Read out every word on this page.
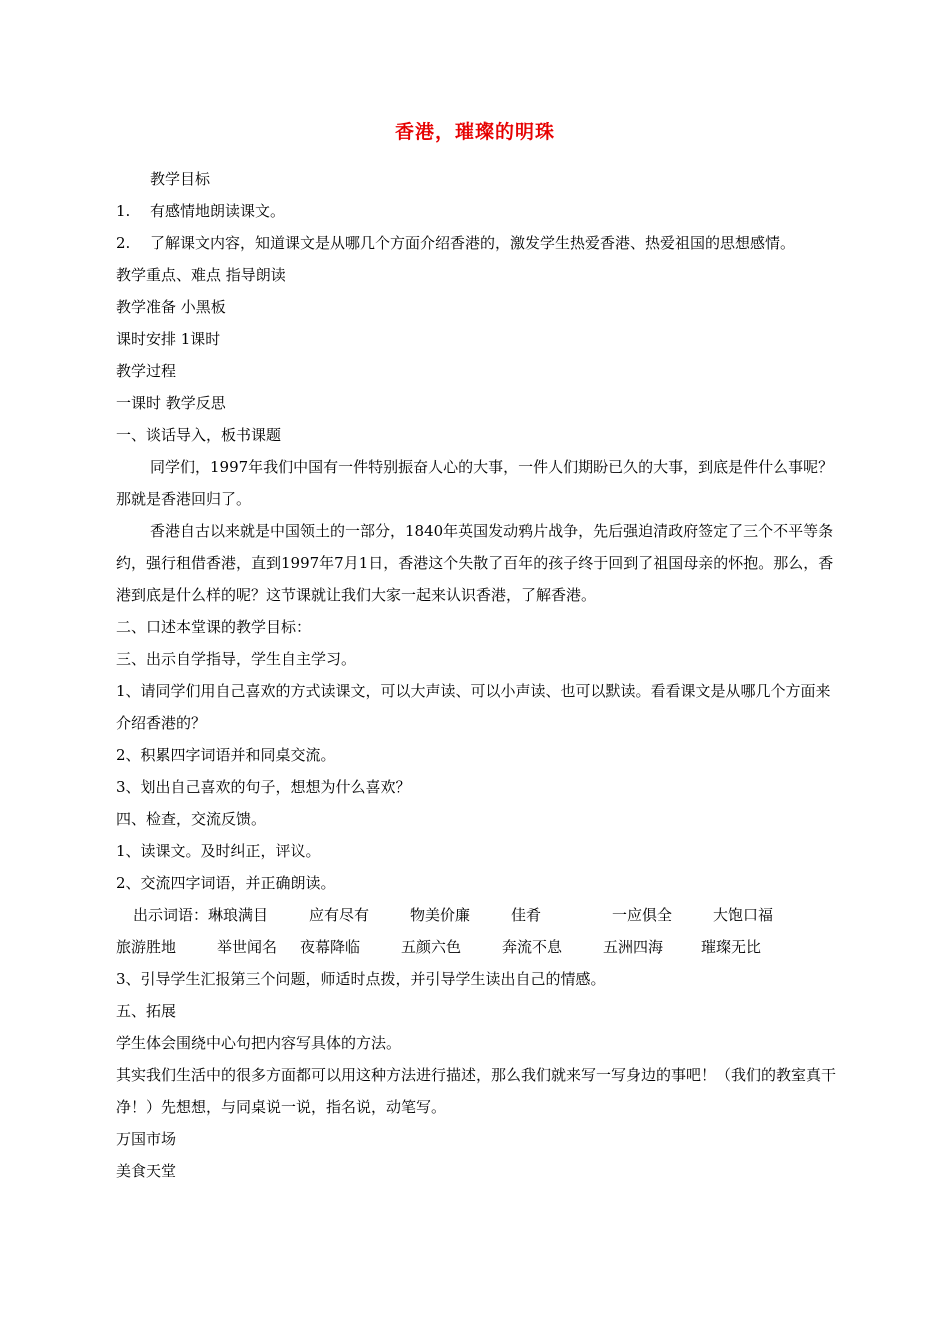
香港，璀璨的明珠

教学目标

1. 有感情地朗读课文。

2. 了解课文内容，知道课文是从哪几个方面介绍香港的，激发学生热爱香港、热爱祖国的思想感情。

教学重点、难点 指导朗读

教学准备 小黑板

课时安排 1课时

教学过程

一课时 教学反思

一、谈话导入，板书课题

同学们，1997年我们中国有一件特别振奋人心的大事，一件人们期盼已久的大事，到底是件什么事呢？那就是香港回归了。

香港自古以来就是中国领土的一部分，1840年英国发动鸦片战争，先后强迫清政府签定了三个不平等条约，强行租借香港，直到1997年7月1日，香港这个失散了百年的孩子终于回到了祖国母亲的怀抱。那么，香港到底是什么样的呢？这节课就让我们大家一起来认识香港，了解香港。

二、口述本堂课的教学目标：

三、出示自学指导，学生自主学习。

1、请同学们用自己喜欢的方式读课文，可以大声读、可以小声读、也可以默读。看看课文是从哪几个方面来介绍香港的？

2、积累四字词语并和同桌交流。

3、划出自己喜欢的句子，想想为什么喜欢？

四、检查，交流反馈。

1、读课文。及时纠正，评议。

2、交流四字词语，并正确朗读。

出示词语：琳琅满目	应有尽有	物美价廉	佳肴	一应俱全	大饱口福

旅游胜地	举世闻名 夜幕降临	五颜六色	奔流不息	五洲四海	璀璨无比

3、引导学生汇报第三个问题，师适时点拨，并引导学生读出自己的情感。

五、拓展

学生体会围绕中心句把内容写具体的方法。

其实我们生活中的很多方面都可以用这种方法进行描述，那么我们就来写一写身边的事吧！（我们的教室真干净！）先想想，与同桌说一说，指名说，动笔写。

万国市场

美食天堂
